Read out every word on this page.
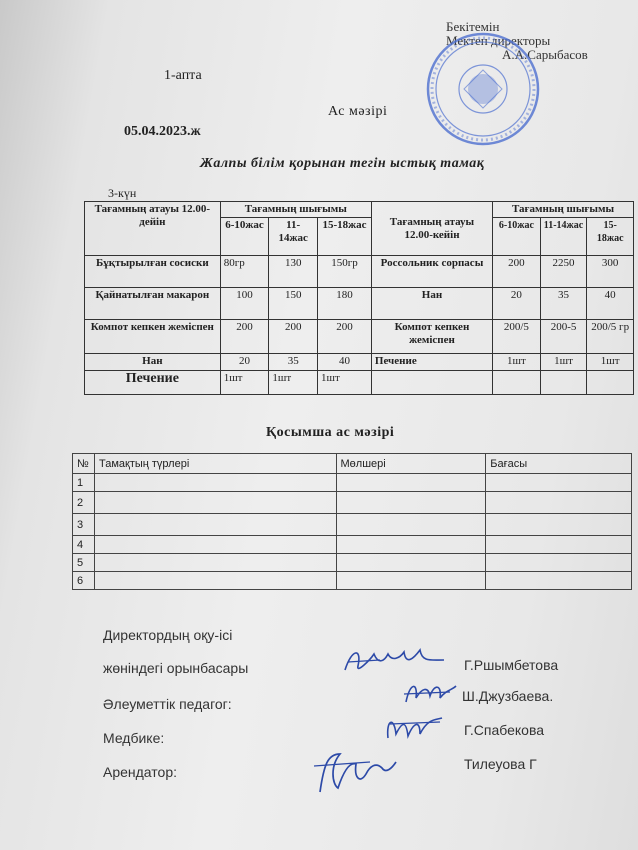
Бекітемін
Мектеп директоры
А.А.Сарыбасов
1-апта
Ас мәзірі
05.04.2023.ж
Жалпы білім қорынан тегін ыстық тамақ
3-күн
Тағамның атауы 12.00-дейін	Тағамның шығымы			Тағамның атауы 12.00-кейін	Тағамның шығымы		
	6-10жас	11-14жас	15-18жас		6-10жас	11-14жас	15-18жас
Бұқтырылған сосиски	80гр	130	150гр	Россольник сорпасы	200	2250	300
Қайнатылған макарон	100	150	180	Нан	20	35	40
Компот кепкен жеміспен	200	200	200	Компот кепкен жеміспен	200/5	200-5	200/5 гр
Нан	20	35	40	Печение	1шт	1шт	1шт
Печение	1шт	1шт	1шт				
Қосымша ас мәзірі
№	Тамақтың түрлері	Мөлшері	Бағасы
1			
2			
3			
4			
5			
6			
Директордың оқу-ісі
жөніндегі орынбасары	Г.Ршымбетова
Әлеуметтік педагог:	Ш.Джузбаева.
Медбике:	Г.Спабекова
Арендатор:	Тилеуова Г
